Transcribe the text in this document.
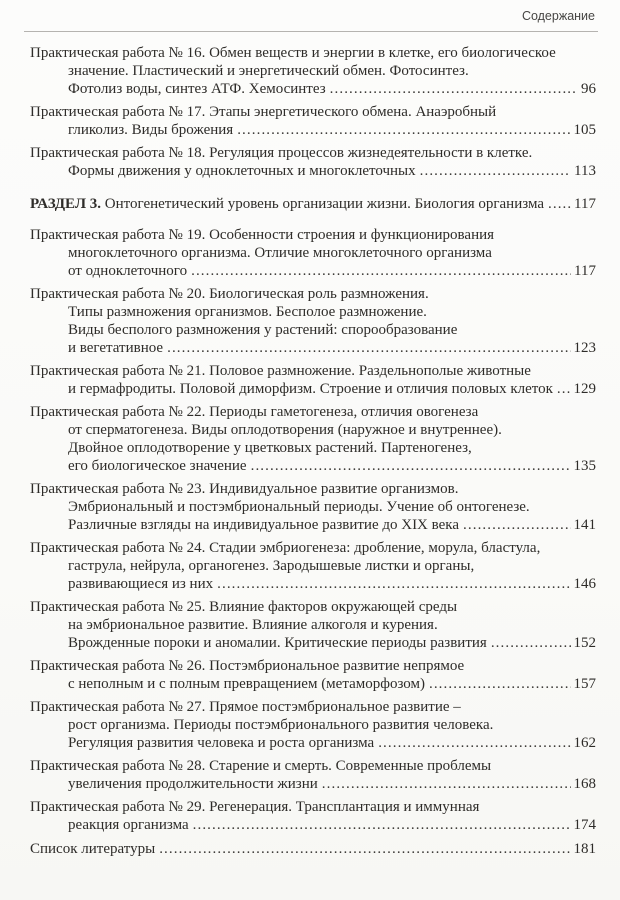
Содержание
Практическая работа № 16. Обмен веществ и энергии в клетке, его биологическое
значение. Пластический и энергетический обмен. Фотосинтез.
Фотолиз воды, синтез АТФ. Хемосинтез .....	96
Практическая работа № 17. Этапы энергетического обмена. Анаэробный
гликолиз. Виды брожения .....	105
Практическая работа № 18. Регуляция процессов жизнедеятельности в клетке.
Формы движения у одноклеточных и многоклеточных .....	113
РАЗДЕЛ 3. Онтогенетический уровень организации жизни. Биология организма ..... 117
Практическая работа № 19. Особенности строения и функционирования
многоклеточного организма. Отличие многоклеточного организма
от одноклеточного .....	117
Практическая работа № 20. Биологическая роль размножения.
Типы размножения организмов. Бесполое размножение.
Виды бесполого размножения у растений: спорообразование
и вегетативное .....	123
Практическая работа № 21. Половое размножение. Раздельнополые животные
и гермафродиты. Половой диморфизм. Строение и отличия половых клеток ..... 129
Практическая работа № 22. Периоды гаметогенеза, отличия овогенеза
от сперматогенеза. Виды оплодотворения (наружное и внутреннее).
Двойное оплодотворение у цветковых растений. Партеногенез,
его биологическое значение .....	135
Практическая работа № 23. Индивидуальное развитие организмов.
Эмбриональный и постэмбриональный периоды. Учение об онтогенезе.
Различные взгляды на индивидуальное развитие до XIX века .....	141
Практическая работа № 24. Стадии эмбриогенеза: дробление, морула, бластула,
гаструла, нейрула, органогенез. Зародышевые листки и органы,
развивающиеся из них .....	146
Практическая работа № 25. Влияние факторов окружающей среды
на эмбриональное развитие. Влияние алкоголя и курения.
Врожденные пороки и аномалии. Критические периоды развития .....	152
Практическая работа № 26. Постэмбриональное развитие непрямое
с неполным и с полным превращением (метаморфозом) .....	157
Практическая работа № 27. Прямое постэмбриональное развитие –
рост организма. Периоды постэмбрионального развития человека.
Регуляция развития человека и роста организма .....	162
Практическая работа № 28. Старение и смерть. Современные проблемы
увеличения продолжительности жизни .....	168
Практическая работа № 29. Регенерация. Трансплантация и иммунная
реакция организма .....	174
Список литературы .....	181
